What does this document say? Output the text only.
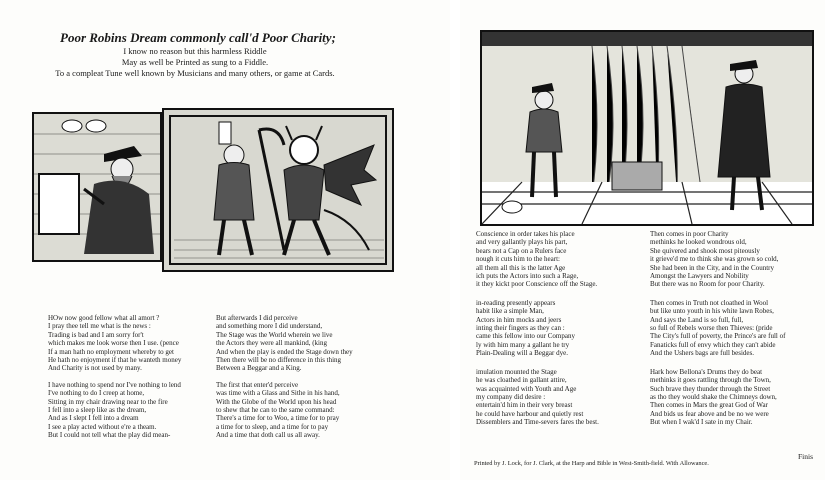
Poor Robins Dream commonly call'd Poor Charity;
I know no reason but this harmless Riddle
May as well be Printed as sung to a Fiddle.
To a compleat Tune well known by Musicians and many others, or game at Cards.
HOw now good fellow what all amort ?
I pray thee tell me what is the news :
Trading is bad and I am sorry for't
which makes me look worse then I use. (pence
If a man hath no employment whereby to get
He hath no enjoyment if that he wanteth money
And Charity is not used by many.
I have nothing to spend nor I've nothing to lend
I've nothing to do I creep at home,
Sitting in my chair drawing near to the fire
I fell into a sleep like as the dream,
And as I slept I fell into a dream
I see a play acted without e're a theam.
But I could not tell what the play did mean-
But afterwards I did perceive
and something more I did understand,
The Stage was the World wherein we live
the Actors they were all mankind, (king
And when the play is ended the Stage down they
Then there will be no difference in this thing
Between a Beggar and a King.
The first that enter'd perceive
was time with a Glass and Sithe in his hand,
With the Globe of the World upon his head
to shew that he can to the same command:
There's a time for to Woo, a time for to pray
a time for to sleep, and a time for to pay
And a time that doth call us all away.
Conscience in order takes his place
and very gallantly plays his part,
bears not a Cap on a Rulers face
nough it cuts him to the heart:
all them all this is the latter Age
ich puts the Actors into such a Rage,
it they kickt poor Conscience off the Stage.
in-reading presently appears
habit like a simple Man,
Actors in him mocks and jeers
inting their fingers as they can :
came this fellow into our Company
ly with him many a gallant he try
Plain-Dealing will a Beggar dye.
imulation mounted the Stage
he was cloathed in gallant attire,
was acquainted with Youth and Age
my company did desire :
entertain'd him in their very breast
he could have harbour and quietly rest
Dissemblers and Time-severs fares the best.
Then comes in poor Charity
methinks he looked wondrous old,
She quivered and shook most piteously
it grieve'd me to think she was grown so cold,
She had been in the City, and in the Country
Amongst the Lawyers and Nobility
But there was no Room for poor Charity.
Then comes in Truth not cloathed in Wool
but like unto youth in his white lawn Robes,
And says the Land is so full, full,
so full of Rebels worse then Thieves: (pride
The City's full of poverty, the Prince's are full of
Fanaticks full of envy which they can't abide
And the Ushers bags are full besides.
Hark how Bellona's Drums they do beat
methinks it goes rattling through the Town,
Such brave they thunder through the Street
as tho they would shake the Chimneys down,
Then comes in Mars the great God of War
And bids us fear above and be no we were
But when I wak'd I sate in my Chair.
Printed by J. Lock, for J. Clark, at the Harp and Bible in West-Smith-field. With Allowance.
Finis
